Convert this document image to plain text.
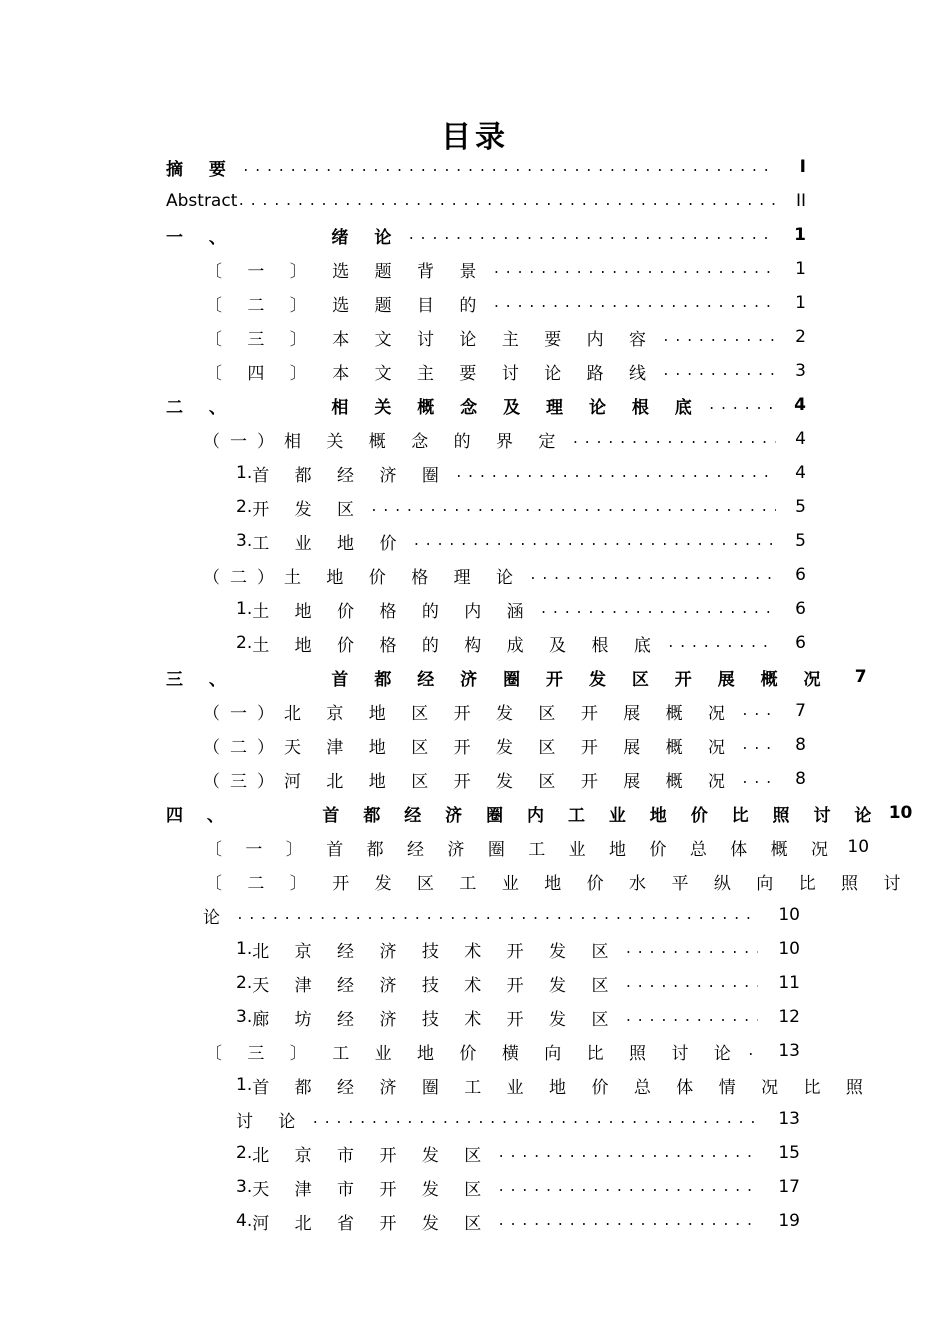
目录
摘 要 .....	I
Abstract .....	II
一 、      绪 论 .....	1
〔 一 〕 选 题 背 景 .....	1
〔 二 〕 选 题 目 的 .....	1
〔 三 〕 本 文 讨 论 主 要 内 容 .....	2
〔 四 〕 本 文 主 要 讨 论 路 线 .....	3
二 、      相 关 概 念 及 理 论 根 底 .....	4
（一）相 关 概 念 的 界 定 .....	4
1. 首 都 经 济 圈 .....	4
2. 开 发 区 .....	5
3. 工 业 地 价 .....	5
（二）土 地 价 格 理 论 .....	6
1. 土 地 价 格 的 内 涵 .....	6
2. 土 地 价 格 的 构 成 及 根 底 .....	6
三 、      首 都 经 济 圈 开 发 区 开 展 概 况	7
（一）北 京 地 区 开 发 区 开 展 概 况 .....	7
（二）天 津 地 区 开 发 区 开 展 概 况 .....	8
（三）河 北 地 区 开 发 区 开 展 概 况 .....	8
四 、      首 都 经 济 圈 内 工 业 地 价 比 照 讨 论 10
〔 一 〕 首 都 经 济 圈 工 业 地 价 总 体 概 况 10
〔 二 〕 开 发 区 工 业 地 价 水 平 纵 向 比 照 讨
论 .....	10
1. 北 京 经 济 技 术 开 发 区 .....	10
2. 天 津 经 济 技 术 开 发 区 .....	11
3. 廊 坊 经 济 技 术 开 发 区 .....	12
〔 三 〕 工 业 地 价 横 向 比 照 讨 论 ..... 13
1. 首 都 经 济 圈 工 业 地 价 总 体 情 况 比 照
讨 论 .....	13
2. 北 京 市 开 发 区 .....	15
3. 天 津 市 开 发 区 .....	17
4. 河 北 省 开 发 区 .....	19
